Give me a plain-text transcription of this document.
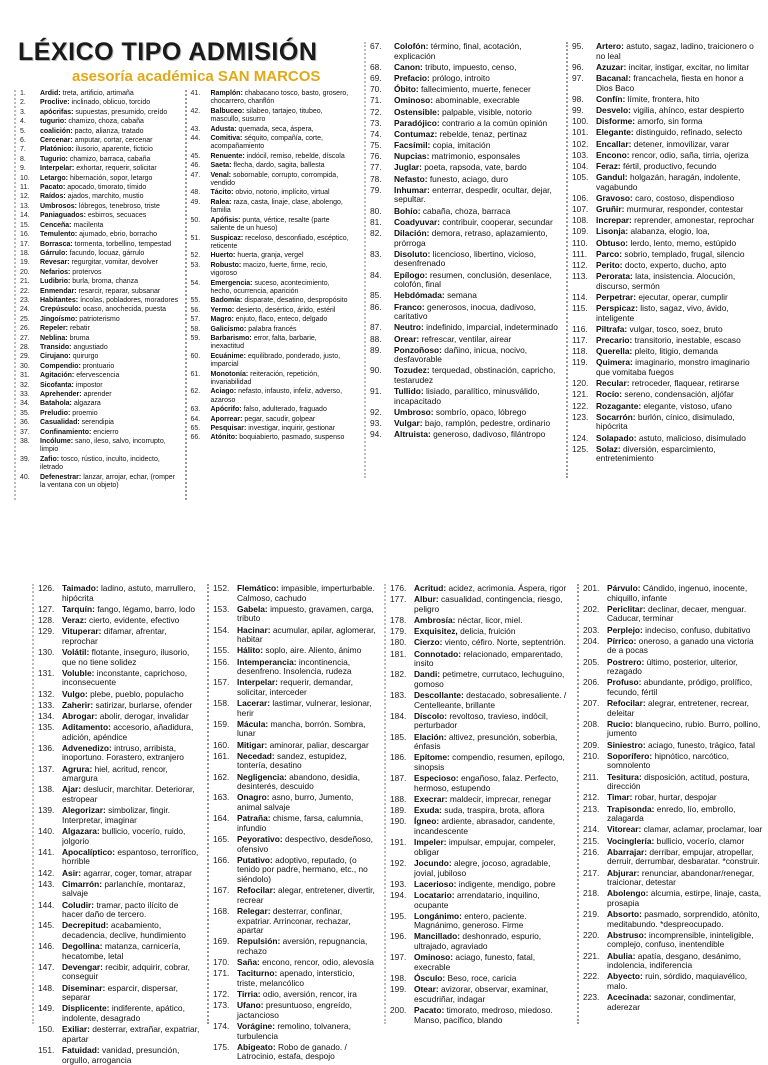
LÉXICO TIPO ADMISIÓN
asesoría académica SAN MARCOS
1.	Ardid: treta, artificio, artimaña
2.	Proclive: inclinado, oblicuo, torcido
3.	apócrifas: supuestas, presumido, creído
4.	tugurio: chamizo, choza, cabaña
5.	coalición: pacto, alianza, tratado
6.	Cercenar: amputar, cortar, cercenar
7.	Platónico: ilusorio, aparente, ficticio
8.	Tugurio: chamizo, barraca, cabaña
9.	Interpelar: exhortar, requerir, solicitar
10.	Letargo: hibernación, sopor, letargo
11.	Pacato: apocado, timorato, tímido
12.	Raídos: ajados, marchito, mustio
13.	Umbrosos: lóbregos, tenebroso, triste
14.	Paniaguados: esbirros, secuaces
15.	Cenceña: macilenta
16.	Temulento: ajumado, ebrio, borracho
17.	Borrasca: tormenta, torbellino, tempestad
18.	Gárrulo: facundo, locuaz, gárrulo
19.	Revesar: regurgitar, vomitar, devolver
20.	Nefarios: protervos
21.	Ludibrio: burla, broma, chanza
22.	Enmendar: resarcir, reparar, subsanar
23.	Habitantes: íncolas, pobladores, moradores
24.	Crepúsculo: ocaso, anochecida, puesta
25.	Jingoísmo: patrioterismo
26.	Repeler: rebatir
27.	Neblina: bruma
28.	Transido: angustiado
29.	Cirujano: quirurgo
30.	Compendio: prontuario
31.	Agitación: efervescencia
32.	Sicofanta: impostor
33.	Aprehender: aprender
34.	Batahola: algazara
35.	Preludio: proemio
36.	Casualidad: serendipia
37.	Confinamiento: encierro
38.	Incólume: sano, ileso, salvo, incorrupto, limpio
39.	Zafio: tosco, rústico, inculto, incidecto, iletrado
40.	Defenestrar: lanzar, arrojar, echar, (romper la ventana con un objeto)
41.	Ramplón: chabacano tosco, basto, grosero, chocarrero, chanflón
42.	Balbuceo: silabeo, tartajeo, titubeo, mascullo, susurro
43.	Adusta: quemada, seca, áspera,
44.	Comitiva: séquito, compañía, corte, acompañamiento
45.	Renuente: indócil, remiso, rebelde, díscola
46.	Saeta: flecha, dardo, sagita, ballesta
47.	Venal: sobornable, corrupto, corrompida, vendido
48.	Tácito: obvio, notorio, implícito, virtual
49.	Ralea: raza, casta, linaje, clase, abolengo, familia
50.	Apófisis: punta, vértice, resalte (parte saliente de un hueso)
51.	Suspicaz: receloso, desconfiado, escéptico, reticente
52.	Huerto: huerta, granja, vergel
53.	Robusto: macizo, fuerte, firme, recio, vigoroso
54.	Emergencia: suceso, acontecimiento, hecho, ocurrencia, aparición
55.	Badomía: disparate, desatino, despropósito
56.	Yermo: desierto, desértico, árido, estéril
57.	Magro: enjuto, flaco, enteco, delgado
58.	Galicismo: palabra francés
59.	Barbarismo: error, falta, barbarie, inexactitud
60.	Ecuánime: equilibrado, ponderado, justo, imparcial
61.	Monotonía: reiteración, repetición, invariabilidad
62.	Aciago: nefasto, infausto, infeliz, adverso, azaroso
63.	Apócrifo: falso, adulterado, fraguado
64.	Aporrear: pegar, sacudir, golpear
65.	Pesquisar: investigar, inquirir, gestionar
66.	Atónito: boquiabierto, pasmado, suspenso
67.	Colofón: término, final, acotación, explicación
68.	Canon: tributo, impuesto, censo,
69.	Prefacio: prólogo, introito
70.	Óbito: fallecimiento, muerte, fenecer
71.	Ominoso: abominable, execrable
72.	Ostensible: palpable, visible, notorio
73.	Paradójico: contrario a la común opinión
74.	Contumaz: rebelde, tenaz, pertinaz
75.	Facsímil: copia, imitación
76.	Nupcias: matrimonio, esponsales
77.	Juglar: poeta, rapsoda, vate, bardo
78.	Nefasto: funesto, aciago, duro
79.	Inhumar: enterrar, despedir, ocultar, dejar, sepultar.
80.	Bohío: cabaña, choza, barraca
81.	Coadyuvar: contribuir, cooperar, secundar
82.	Dilación: demora, retraso, aplazamiento, prórroga
83.	Disoluto: licencioso, libertino, vicioso, desenfrenado
84.	Epílogo: resumen, conclusión, desenlace, colofón, final
85.	Hebdómada: semana
86.	Franco: generosos, inocua, dadivoso, caritativo
87.	Neutro: indefinido, imparcial, indeterminado
88.	Orear: refrescar, ventilar, airear
89.	Ponzoñoso: dañino, inicua, nocivo, desfavorable
90.	Tozudez: terquedad, obstinación, capricho, testarudez
91.	Tullido: lisiado, paralítico, minusválido, incapacitado
92.	Umbroso: sombrío, opaco, lóbrego
93.	Vulgar: bajo, ramplón, pedestre, ordinario
94.	Altruista: generoso, dadivoso, filántropo
95.	Artero: astuto, sagaz, ladino, traicionero o no leal
96.	Azuzar: incitar, instigar, excitar, no limitar
97.	Bacanal: francachela, fiesta en honor a Dios Baco
98.	Confín: límite, frontera, hito
99.	Desvelo: vigilia, ahínco, estar despierto
100. Disforme: amorfo, sin forma
101. Elegante: distinguido, refinado, selecto
102. Encallar: detener, inmovilizar, varar
103. Encono: rencor, odio, saña, tirria, ojeriza
104. Feraz: fértil, productivo, fecundo
105. Gandul: holgazán, haragán, indolente, vagabundo
106. Gravoso: caro, costoso, dispendioso
107. Gruñir: murmurar, responder, contestar
108. Increpar: reprender, amonestar, reprochar
109. Lisonja: alabanza, elogio, loa,
110. Obtuso: lerdo, lento, memo, estúpido
111.	Parco: sobrio, templado, frugal, silencio
112. Perito: docto, experto, ducho, apto
113. Perorata: lata, insistencia. Alocución, discurso, sermón
114. Perpetrar: ejecutar, operar, cumplir
115. Perspicaz: listo, sagaz, vivo, ávido, inteligente
116. Piltrafa: vulgar, tosco, soez, bruto
117. Precario: transitorio, inestable, escaso
118. Querella: pleito, litigio, demanda
119. Quimera: imaginario, monstro imaginario que vomitaba fuegos
120. Recular: retroceder, flaquear, retirarse
121. Rocío: sereno, condensación, aljófar
122. Rozagante: elegante, vistoso, ufano
123. Socarrón: burlón, cínico, disimulado, hipócrita
124. Solapado: astuto, malicioso, disimulado
125. Solaz: diversión, esparcimiento, entretenimiento
126. Taimado: ladino, astuto, marrullero, hipócrita
127. Tarquín: fango, légamo, barro, lodo
128. Veraz: cierto, evidente, efectivo
129. Vituperar: difamar, afrentar, reprochar
130. Volátil: flotante, inseguro, ilusorio, que no tiene solidez
131. Voluble: inconstante, caprichoso, inconsecuente
132. Vulgo: plebe, pueblo, populacho
133. Zaherir: satirizar, burlarse, ofender
134. Abrogar: abolir, derogar, invalidar
135. Aditamento: accesorio, añadidura, adición, apéndice
136. Advenedizo: intruso, arribista, inoportuno. Forastero, extranjero
137. Agrura: hiel, acritud, rencor, amargura
138. Ajar: deslucir, marchitar. Deteriorar, estropear
139. Alegorizar: simbolizar, fingir. Interpretar, imaginar
140. Algazara: bullicio, vocerío, ruido, jolgorio
141. Apocalíptico: espantoso, terrorífico, horrible
142. Asir: agarrar, coger, tomar, atrapar
143. Cimarrón: parlanchíe, montaraz, salvaje
144. Coludir: tramar, pacto ilícito de hacer daño de tercero.
145. Decrepitud: acabamiento, decadencia, declive, hundimiento
146. Degollina: matanza, carnicería, hecatombe, letal
147. Devengar: recibir, adquirir, cobrar, conseguir
148. Diseminar: esparcir, dispersar, separar
149. Displicente: indiferente, apático, indolente, desagrado
150. Exiliar: desterrar, extrañar, expatriar, apartar
151. Fatuidad: vanidad, presunción, orgullo, arrogancia
152. Flemático: impasible, imperturbable. Calmoso, cachudo
153. Gabela: impuesto, gravamen, carga, tributo
154. Hacinar: acumular, apilar, aglomerar, habitar
155. Hálito: soplo, aire. Aliento, ánimo
156. Intemperancia: incontinencia, desenfreno. Insolencia, rudeza
157. Interpelar: requerir, demandar, solicitar, interceder
158. Lacerar: lastimar, vulnerar, lesionar, herir
159. Mácula: mancha, borrón. Sombra, lunar
160. Mitigar: aminorar, paliar, descargar
161. Necedad: sandez, estupidez, tontería, desatino
162. Negligencia: abandono, desidia, desinterés, descuido
163. Onagro: asno, burro, Jumento, animal salvaje
164. Patraña: chisme, farsa, calumnia, infundio
165. Peyorativo: despectivo, desdeñoso, ofensivo
166. Putativo: adoptivo, reputado, (o tenido por padre, hermano, etc., no siéndolo)
167. Refocilar: alegar, entretener, divertir, recrear
168. Relegar: desterrar, confinar, expatriar. Arrinconar, rechazar, apartar
169. Repulsión: aversión, repugnancia, rechazo
170. Saña: encono, rencor, odio, alevosía
171. Taciturno: apenado, intersticio, triste, melancólico
172. Tirria: odio, aversión, rencor, ira
173. Ufano: presuntuoso, engreído, jactancioso
174. Vorágine: remolino, tolvanera, turbulencia
175. Abigeato: Robo de ganado. / Latrocinio, estafa, despojo
176. Acritud: acidez, acrimonia. Áspera, rigor
177. Albur: casualidad, contingencia, riesgo, peligro
178. Ambrosía: néctar, licor, miel.
179. Exquisitez, delicia, fruición
180. Cierzo: viento, céfiro. Norte, septentrión.
181. Connotado: relacionado, emparentado, insito
182. Dandi: petimetre, currutaco, lechuguino, gomoso
183. Descollante: destacado, sobresaliente. / Centelleante, brillante
184. Díscolo: revoltoso, travieso, indócil, perturbador
185. Elación: altivez, presunción, soberbia, énfasis
186. Epítome: compendio, resumen, epílogo, sinopsis
187. Especioso: engañoso, falaz. Perfecto, hermoso, estupendo
188. Execrar: maldecir, imprecar, renegar
189. Exuda: suda, traspira, brota, aflora
190. Ígneo: ardiente, abrasador, candente, incandescente
191. Impeler: impulsar, empujar, compeler, obligar
192. Jocundo: alegre, jocoso, agradable, jovial, jubiloso
193. Lacerioso: indigente, mendigo, pobre
194. Locatario: arrendatario, inquilino, ocupante
195. Longánimo: entero, paciente. Magnánimo, generoso. Firme
196. Mancillado: deshonrado, espurio, ultrajado, agraviado
197. Ominoso: aciago, funesto, fatal, execrable
198. Ósculo: Beso, roce, caricia
199. Otear: avizorar, observar, examinar, escudriñar, indagar
200. Pacato: timorato, medroso, miedoso. Manso, pacífico, blando
201. Párvulo: Cándido, ingenuo, inocente, chiquillo, infante
202. Periclitar: declinar, decaer, menguar. Caducar, terminar
203. Perplejo: indeciso, confuso, dubitativo
204. Pírrico: oneroso, a ganado una victoria de a pocas
205. Postrero: último, posterior, ulterior, rezagado
206. Profuso: abundante, pródigo, prolífico, fecundo, fértil
207. Refocilar: alegrar, entretener, recrear, deleitar
208. Rucio: blanquecino, rubio. Burro, pollino, jumento
209. Siniestro: aciago, funesto, trágico, fatal
210. Soporífero: hipnótico, narcótico, somnolento
211. Tesitura: disposición, actitud, postura, dirección
212. Timar: robar, hurtar, despojar
213. Trapisonda: enredo, lío, embrollo, zalagarda
214. Vitorear: clamar, aclamar, proclamar, loar
215. Vocinglería: bullicio, vocerío, clamor
216. Abarrajar: derribar, empujar, atropellar, derruir, derrumbar, desbaratar. *construir.
217. Abjurar: renunciar, abandonar/renegar, traicionar, detestar
218. Abolengo: alcurnia, estirpe, linaje, casta, prosapia
219. Absorto: pasmado, sorprendido, atónito, meditabundo. *despreocupado.
220. Abstruso: incomprensible, ininteligible, complejo, confuso, inentendible
221. Abulia: apatía, desgano, desánimo, indolencia, indiferencia
222. Abyecto: ruin, sórdido, maquiavélico, malo.
223. Acecinada: sazonar, condimentar, aderezar
